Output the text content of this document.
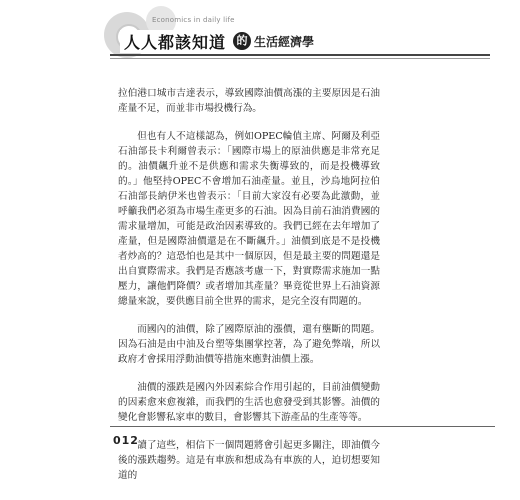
Economics in daily life
人人都該知道 的 生活經濟學

拉伯港口城市吉達表示，導致國際油價高漲的主要原因是石油產量不足，而並非市場投機行為。

但也有人不這樣認為，例如OPEC輪值主席、阿爾及利亞石油部長卡利爾曾表示：「國際市場上的原油供應是非常充足的。油價飆升並不是供應和需求失衡導致的，而是投機導致的。」他堅持OPEC不會增加石油產量。並且，沙烏地阿拉伯石油部長納伊米也曾表示：「目前大家沒有必要為此激動，並呼籲我們必須為市場生產更多的石油。因為目前石油消費國的需求量增加，可能是政治因素導致的。我們已經在去年增加了產量，但是國際油價還是在不斷飆升。」油價到底是不是投機者炒高的？這恐怕也是其中一個原因，但是最主要的問題還是出自實際需求。我們是否應該考慮一下，對實際需求施加一點壓力，讓他們降價？或者增加其產量？畢竟從世界上石油資源總量來說，要供應目前全世界的需求，是完全沒有問題的。

而國內的油價，除了國際原油的漲價，還有壟斷的問題。因為石油是由中油及台塑等集團掌控著，為了避免弊端，所以政府才會採用浮動油價等措施來應對油價上漲。

油價的漲跌是國內外因素綜合作用引起的，目前油價變動的因素愈來愈複雜，而我們的生活也愈發受到其影響。油價的變化會影響私家車的數目，會影響其下游產品的生產等等。

讀了這些，相信下一個問題將會引起更多關注，即油價今後的漲跌趨勢。這是有車族和想成為有車族的人，迫切想要知道的

012
